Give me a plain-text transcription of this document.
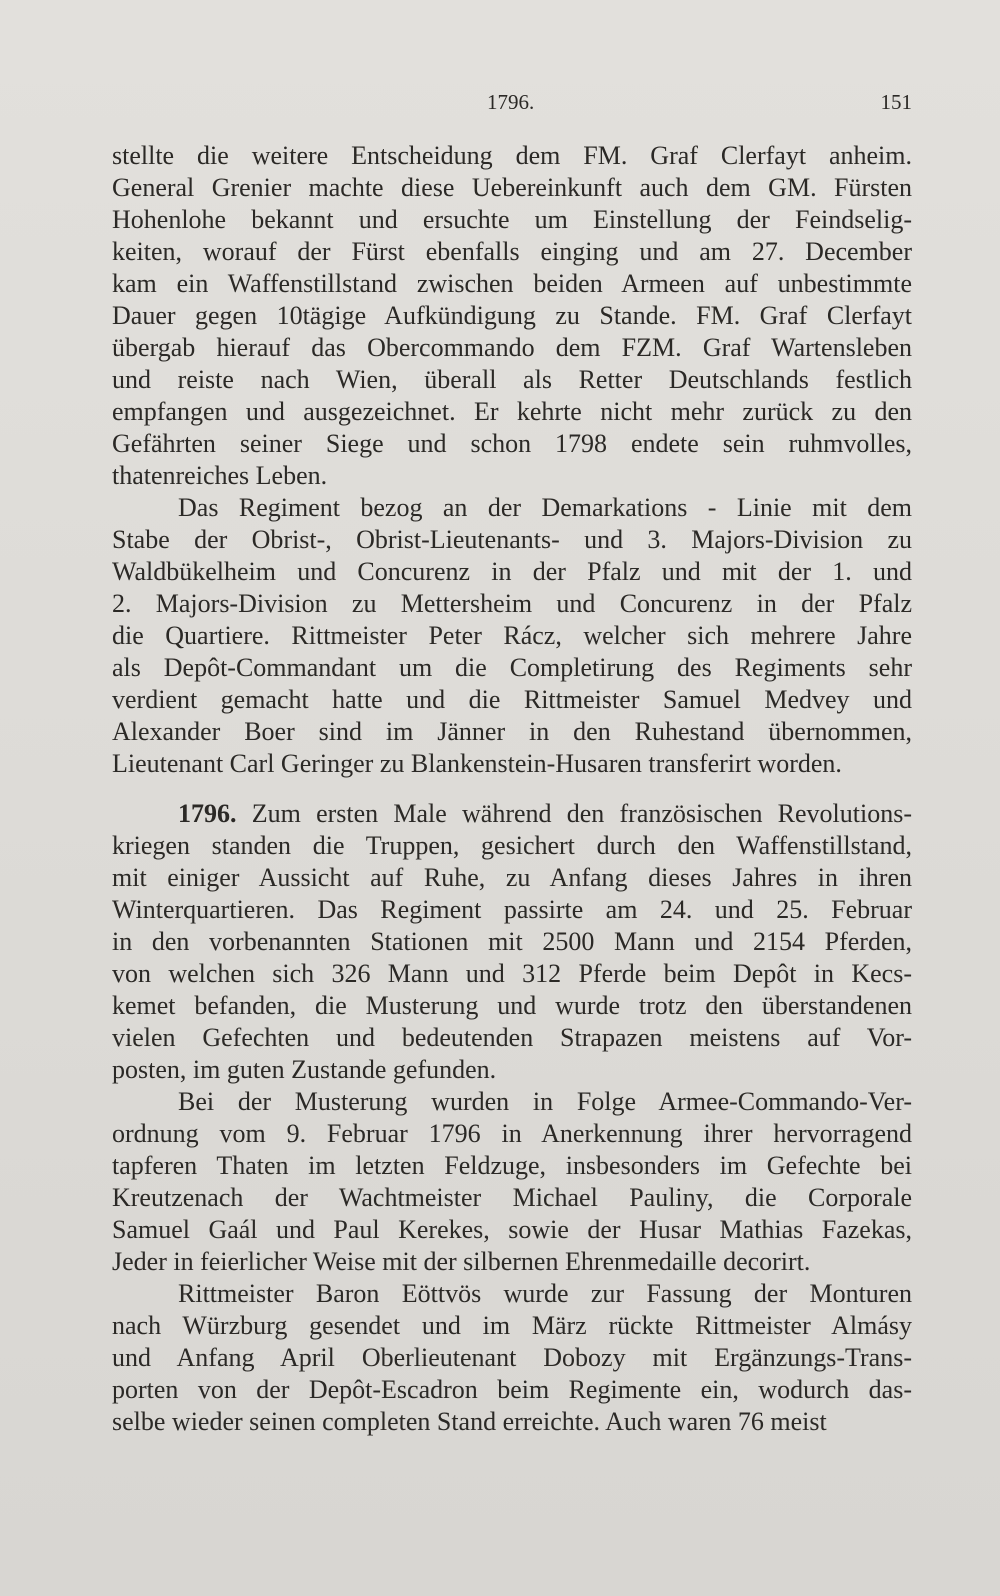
1796.	151
stellte die weitere Entscheidung dem FM. Graf Clerfayt anheim.
General Grenier machte diese Uebereinkunft auch dem GM. Fürsten
Hohenlohe bekannt und ersuchte um Einstellung der Feindselig-
keiten, worauf der Fürst ebenfalls einging und am 27. December
kam ein Waffenstillstand zwischen beiden Armeen auf unbestimmte
Dauer gegen 10tägige Aufkündigung zu Stande. FM. Graf Clerfayt
übergab hierauf das Obercommando dem FZM. Graf Wartensleben
und reiste nach Wien, überall als Retter Deutschlands festlich
empfangen und ausgezeichnet. Er kehrte nicht mehr zurück zu den
Gefährten seiner Siege und schon 1798 endete sein ruhmvolles,
thatenreiches Leben.
Das Regiment bezog an der Demarkations - Linie mit dem
Stabe der Obrist-, Obrist-Lieutenants- und 3. Majors-Division zu
Waldbükelheim und Concurenz in der Pfalz und mit der 1. und
2. Majors-Division zu Mettersheim und Concurenz in der Pfalz
die Quartiere. Rittmeister Peter Rácz, welcher sich mehrere Jahre
als Depôt-Commandant um die Completirung des Regiments sehr
verdient gemacht hatte und die Rittmeister Samuel Medvey und
Alexander Boer sind im Jänner in den Ruhestand übernommen,
Lieutenant Carl Geringer zu Blankenstein-Husaren transferirt worden.
1796. Zum ersten Male während den französischen Revolutions-
kriegen standen die Truppen, gesichert durch den Waffenstillstand,
mit einiger Aussicht auf Ruhe, zu Anfang dieses Jahres in ihren
Winterquartieren. Das Regiment passirte am 24. und 25. Februar
in den vorbenannten Stationen mit 2500 Mann und 2154 Pferden,
von welchen sich 326 Mann und 312 Pferde beim Depôt in Kecs-
kemet befanden, die Musterung und wurde trotz den überstandenen
vielen Gefechten und bedeutenden Strapazen meistens auf Vor-
posten, im guten Zustande gefunden.
Bei der Musterung wurden in Folge Armee-Commando-Ver-
ordnung vom 9. Februar 1796 in Anerkennung ihrer hervorragend
tapferen Thaten im letzten Feldzuge, insbesonders im Gefechte bei
Kreutzenach der Wachtmeister Michael Pauliny, die Corporale
Samuel Gaál und Paul Kerekes, sowie der Husar Mathias Fazekas,
Jeder in feierlicher Weise mit der silbernen Ehrenmedaille decorirt.
Rittmeister Baron Eöttvös wurde zur Fassung der Monturen
nach Würzburg gesendet und im März rückte Rittmeister Almásy
und Anfang April Oberlieutenant Dobozy mit Ergänzungs-Trans-
porten von der Depôt-Escadron beim Regimente ein, wodurch das-
selbe wieder seinen completen Stand erreichte. Auch waren 76 meist
